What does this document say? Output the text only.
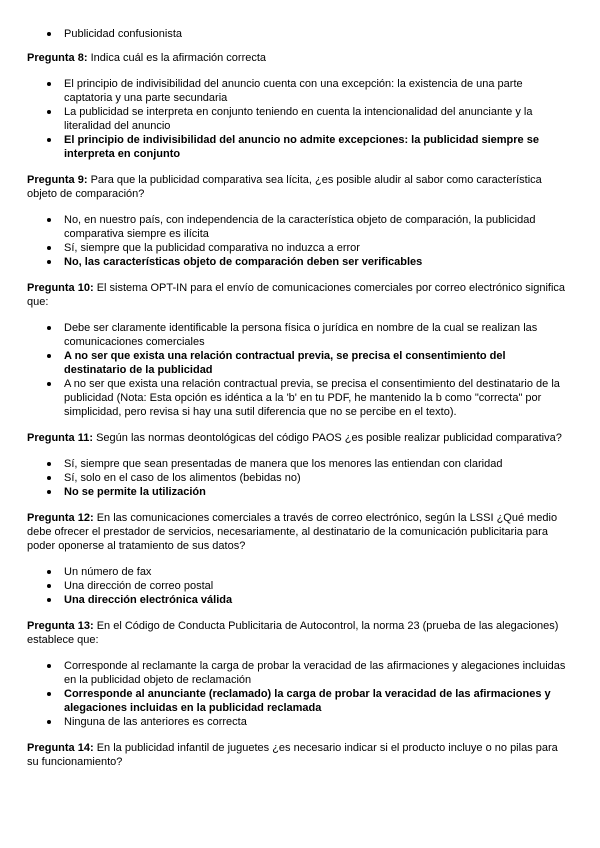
Publicidad confusionista

Pregunta 8: Indica cuál es la afirmación correcta

El principio de indivisibilidad del anuncio cuenta con una excepción: la existencia de una parte captatoria y una parte secundaria
La publicidad se interpreta en conjunto teniendo en cuenta la intencionalidad del anunciante y la literalidad del anuncio
El principio de indivisibilidad del anuncio no admite excepciones: la publicidad siempre se interpreta en conjunto

Pregunta 9: Para que la publicidad comparativa sea lícita, ¿es posible aludir al sabor como característica objeto de comparación?

No, en nuestro país, con independencia de la característica objeto de comparación, la publicidad comparativa siempre es ilícita
Sí, siempre que la publicidad comparativa no induzca a error
No, las características objeto de comparación deben ser verificables

Pregunta 10: El sistema OPT-IN para el envío de comunicaciones comerciales por correo electrónico significa que:

Debe ser claramente identificable la persona física o jurídica en nombre de la cual se realizan las comunicaciones comerciales
A no ser que exista una relación contractual previa, se precisa el consentimiento del destinatario de la publicidad
A no ser que exista una relación contractual previa, se precisa el consentimiento del destinatario de la publicidad (Nota: Esta opción es idéntica a la 'b' en tu PDF, he mantenido la b como "correcta" por simplicidad, pero revisa si hay una sutil diferencia que no se percibe en el texto).

Pregunta 11: Según las normas deontológicas del código PAOS ¿es posible realizar publicidad comparativa?

Sí, siempre que sean presentadas de manera que los menores las entiendan con claridad
Sí, solo en el caso de los alimentos (bebidas no)
No se permite la utilización

Pregunta 12: En las comunicaciones comerciales a través de correo electrónico, según la LSSI ¿Qué medio debe ofrecer el prestador de servicios, necesariamente, al destinatario de la comunicación publicitaria para poder oponerse al tratamiento de sus datos?

Un número de fax
Una dirección de correo postal
Una dirección electrónica válida

Pregunta 13: En el Código de Conducta Publicitaria de Autocontrol, la norma 23 (prueba de las alegaciones) establece que:

Corresponde al reclamante la carga de probar la veracidad de las afirmaciones y alegaciones incluidas en la publicidad objeto de reclamación
Corresponde al anunciante (reclamado) la carga de probar la veracidad de las afirmaciones y alegaciones incluidas en la publicidad reclamada
Ninguna de las anteriores es correcta

Pregunta 14: En la publicidad infantil de juguetes ¿es necesario indicar si el producto incluye o no pilas para su funcionamiento?
